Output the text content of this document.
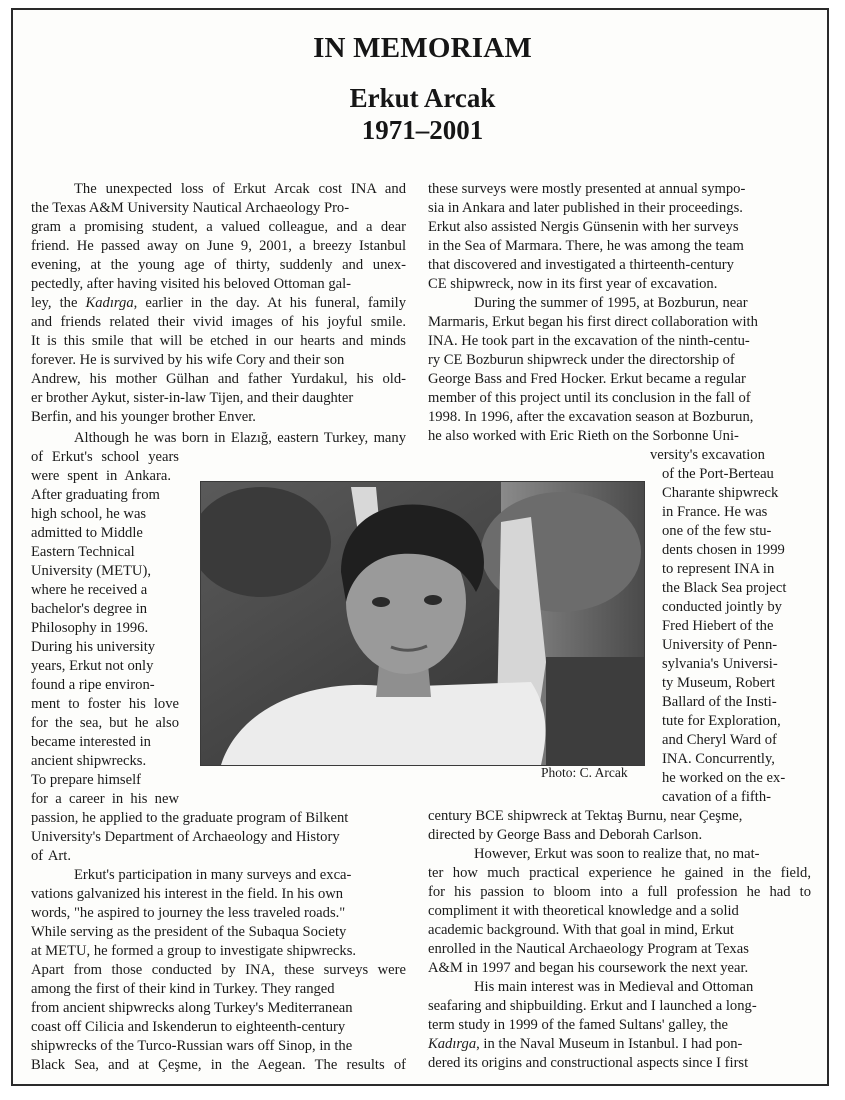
IN MEMORIAM
Erkut Arcak
1971–2001
The unexpected loss of Erkut Arcak cost INA and
the Texas A&M University Nautical Archaeology Pro-
gram a promising student, a valued colleague, and a dear
friend. He passed away on June 9, 2001, a breezy Istanbul
evening, at the young age of thirty, suddenly and unex-
pectedly, after having visited his beloved Ottoman gal-
ley, the Kadırga, earlier in the day. At his funeral, family
and friends related their vivid images of his joyful smile.
It is this smile that will be etched in our hearts and minds
forever. He is survived by his wife Cory and their son
Andrew, his mother Gülhan and father Yurdakul, his old-
er brother Aykut, sister-in-law Tijen, and their daughter
Berfin, and his younger brother Enver.
Although he was born in Elazığ, eastern Turkey, many
of Erkut's school years
were spent in Ankara.
After graduating from
high school, he was
admitted to Middle
Eastern Technical
University (METU),
where he received a
bachelor's degree in
Philosophy in 1996.
During his university
years, Erkut not only
found a ripe environ-
ment to foster his love
for the sea, but he also
became interested in
ancient shipwrecks.
To prepare himself
for a career in his new
passion, he applied to the graduate program of Bilkent
University's Department of Archaeology and History
of Art.
Erkut's participation in many surveys and exca-
vations galvanized his interest in the field. In his own
words, "he aspired to journey the less traveled roads."
While serving as the president of the Subaqua Society
at METU, he formed a group to investigate shipwrecks.
Apart from those conducted by INA, these surveys were
among the first of their kind in Turkey. They ranged
from ancient shipwrecks along Turkey's Mediterranean
coast off Cilicia and Iskenderun to eighteenth-century
shipwrecks of the Turco-Russian wars off Sinop, in the
Black Sea, and at Çeşme, in the Aegean. The results of
these surveys were mostly presented at annual sympo-
sia in Ankara and later published in their proceedings.
Erkut also assisted Nergis Günsenin with her surveys
in the Sea of Marmara. There, he was among the team
that discovered and investigated a thirteenth-century
CE shipwreck, now in its first year of excavation.
During the summer of 1995, at Bozburun, near
Marmaris, Erkut began his first direct collaboration with
INA. He took part in the excavation of the ninth-centu-
ry CE Bozburun shipwreck under the directorship of
George Bass and Fred Hocker. Erkut became a regular
member of this project until its conclusion in the fall of
1998. In 1996, after the excavation season at Bozburun,
he also worked with Eric Rieth on the Sorbonne Uni-
versity's excavation
of the Port-Berteau
Charante shipwreck
in France. He was
one of the few stu-
dents chosen in 1999
to represent INA in
the Black Sea project
conducted jointly by
Fred Hiebert of the
University of Penn-
sylvania's Universi-
ty Museum, Robert
Ballard of the Insti-
tute for Exploration,
and Cheryl Ward of
INA. Concurrently,
he worked on the ex-
cavation of a fifth-
century BCE shipwreck at Tektaş Burnu, near Çeşme,
directed by George Bass and Deborah Carlson.
However, Erkut was soon to realize that, no mat-
ter how much practical experience he gained in the field,
for his passion to bloom into a full profession he had to
compliment it with theoretical knowledge and a solid
academic background. With that goal in mind, Erkut
enrolled in the Nautical Archaeology Program at Texas
A&M in 1997 and began his coursework the next year.
His main interest was in Medieval and Ottoman
seafaring and shipbuilding. Erkut and I launched a long-
term study in 1999 of the famed Sultans' galley, the
Kadırga, in the Naval Museum in Istanbul. I had pon-
dered its origins and constructional aspects since I first
Photo: C. Arcak
